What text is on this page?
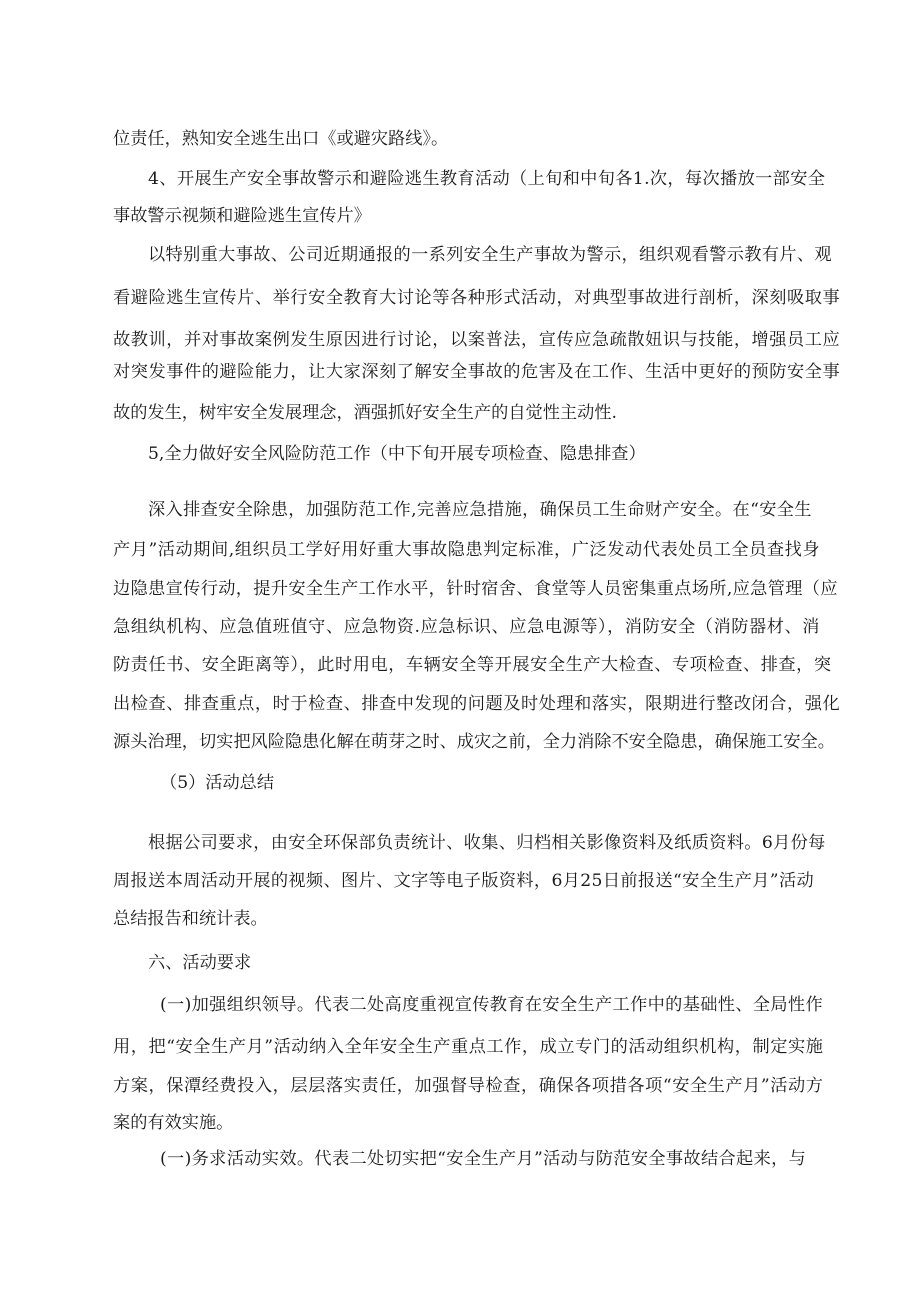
位责任，熟知安全逃生出口《或避灾路线》。
4、开展生产安全事故警示和避险逃生教育活动（上旬和中旬各1.次，每次播放一部安全
事故警示视频和避险逃生宣传片》
以特别重大事故、公司近期通报的一系列安全生产事故为警示，组织观看警示教有片、观
看避险逃生宣传片、举行安全教育大讨论等各种形式活动，对典型事故进行剖析，深刻吸取事
故教训，并对事故案例发生原因进行讨论，以案普法，宣传应急疏散妞识与技能，增强员工应
对突发事件的避险能力，让大家深刻了解安全事故的危害及在工作、生活中更好的预防安全事
故的发生，树牢安全发展理念，酒强抓好安全生产的自觉性主动性.
5,全力做好安全风险防范工作（中下旬开展专项检查、隐患排查）
深入排查安全除患，加强防范工作,完善应急措施，确保员工生命财产安全。在“安全生
产月”活动期间,组织员工学好用好重大事故隐患判定标准，广泛发动代表处员工全员查找身
边隐患宣传行动，提升安全生产工作水平，针时宿舍、食堂等人员密集重点场所,应急管理（应
急组纨机构、应急值班值守、应急物资.应急标识、应急电源等），消防安全（消防器材、消
防责任书、安全距离等），此时用电，车辆安全等开展安全生产大检查、专项检查、排查，突
出检查、排查重点，时于检查、排查中发现的问题及时处理和落实，限期进行整改闭合，强化
源头治理，切实把风险隐患化解在萌芽之时、成灾之前，全力消除不安全隐患，确保施工安全。
（5）活动总结
根据公司要求，由安全环保部负责统计、收集、归档相关影像资料及纸质资料。6月份每
周报送本周活动开展的视频、图片、文字等电子版资料，6月25日前报送“安全生产月”活动
总结报告和统计表。
六、活动要求
(一)加强组织领导。代表二处高度重视宣传教育在安全生产工作中的基础性、全局性作
用，把“安全生产月”活动纳入全年安全生产重点工作，成立专门的活动组织机构，制定实施
方案，保潭经费投入，层层落实责任，加强督导检查，确保各项措各项“安全生产月”活动方
案的有效实施。
(一)务求活动实效。代表二处切实把“安全生产月”活动与防范安全事故结合起来，与
